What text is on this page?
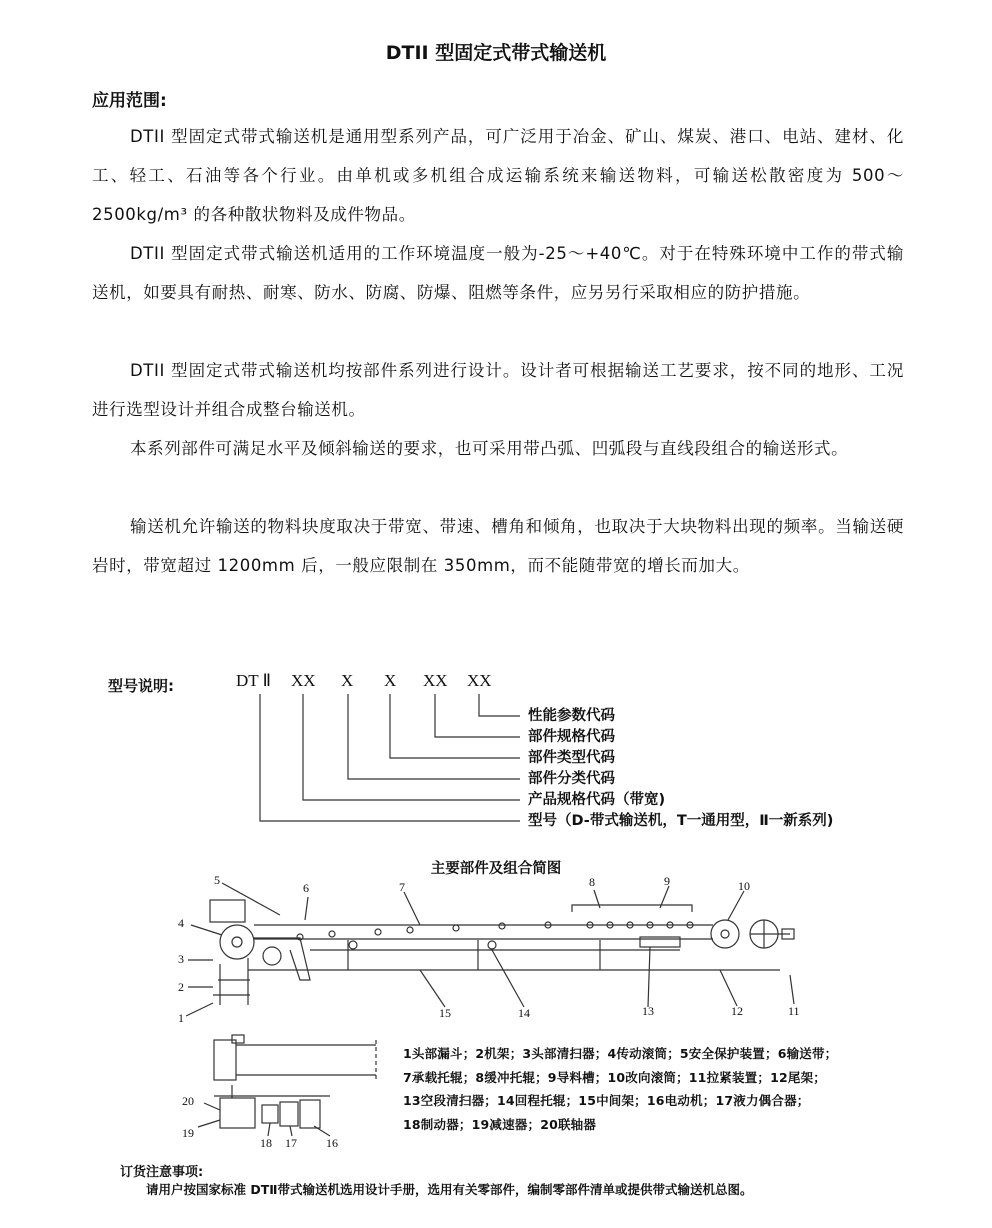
DTII 型固定式带式输送机
应用范围:
DTII 型固定式带式输送机是通用型系列产品，可广泛用于冶金、矿山、煤炭、港口、电站、建材、化工、轻工、石油等各个行业。由单机或多机组合成运输系统来输送物料，可输送松散密度为 500～2500kg/m³ 的各种散状物料及成件物品。
DTII 型固定式带式输送机适用的工作环境温度一般为-25～+40℃。对于在特殊环境中工作的带式输送机，如要具有耐热、耐寒、防水、防腐、防爆、阻燃等条件，应另另行采取相应的防护措施。
DTII 型固定式带式输送机均按部件系列进行设计。设计者可根据输送工艺要求，按不同的地形、工况进行选型设计并组合成整台输送机。
本系列部件可满足水平及倾斜输送的要求，也可采用带凸弧、凹弧段与直线段组合的输送形式。
输送机允许输送的物料块度取决于带宽、带速、槽角和倾角，也取决于大块物料出现的频率。当输送硬岩时，带宽超过 1200mm 后，一般应限制在 350mm，而不能随带宽的增长而加大。
型号说明:	DT Ⅱ XX X X XX XX
性能参数代码
部件规格代码
部件类型代码
部件分类代码
产品规格代码（带宽)
型号（D-带式输送机，T一通用型，Ⅱ一新系列)
主要部件及组合简图
5
6	7	8	9	10
4
3
2
1	15	14	13	12	11
20
19
18 17 16
1头部漏斗；2机架；3头部清扫器；4传动滚筒；5安全保护装置；6输送带；
7承载托辊；8缓冲托辊；9导料槽；10改向滚筒；11拉紧装置；12尾架；
13空段清扫器；14回程托辊；15中间架；16电动机；17液力偶合器；
18制动器；19减速器；20联轴器
订货注意事项:
请用户按国家标准 DTⅡ带式输送机选用设计手册，选用有关零部件，编制零部件清单或提供带式输送机总图。
